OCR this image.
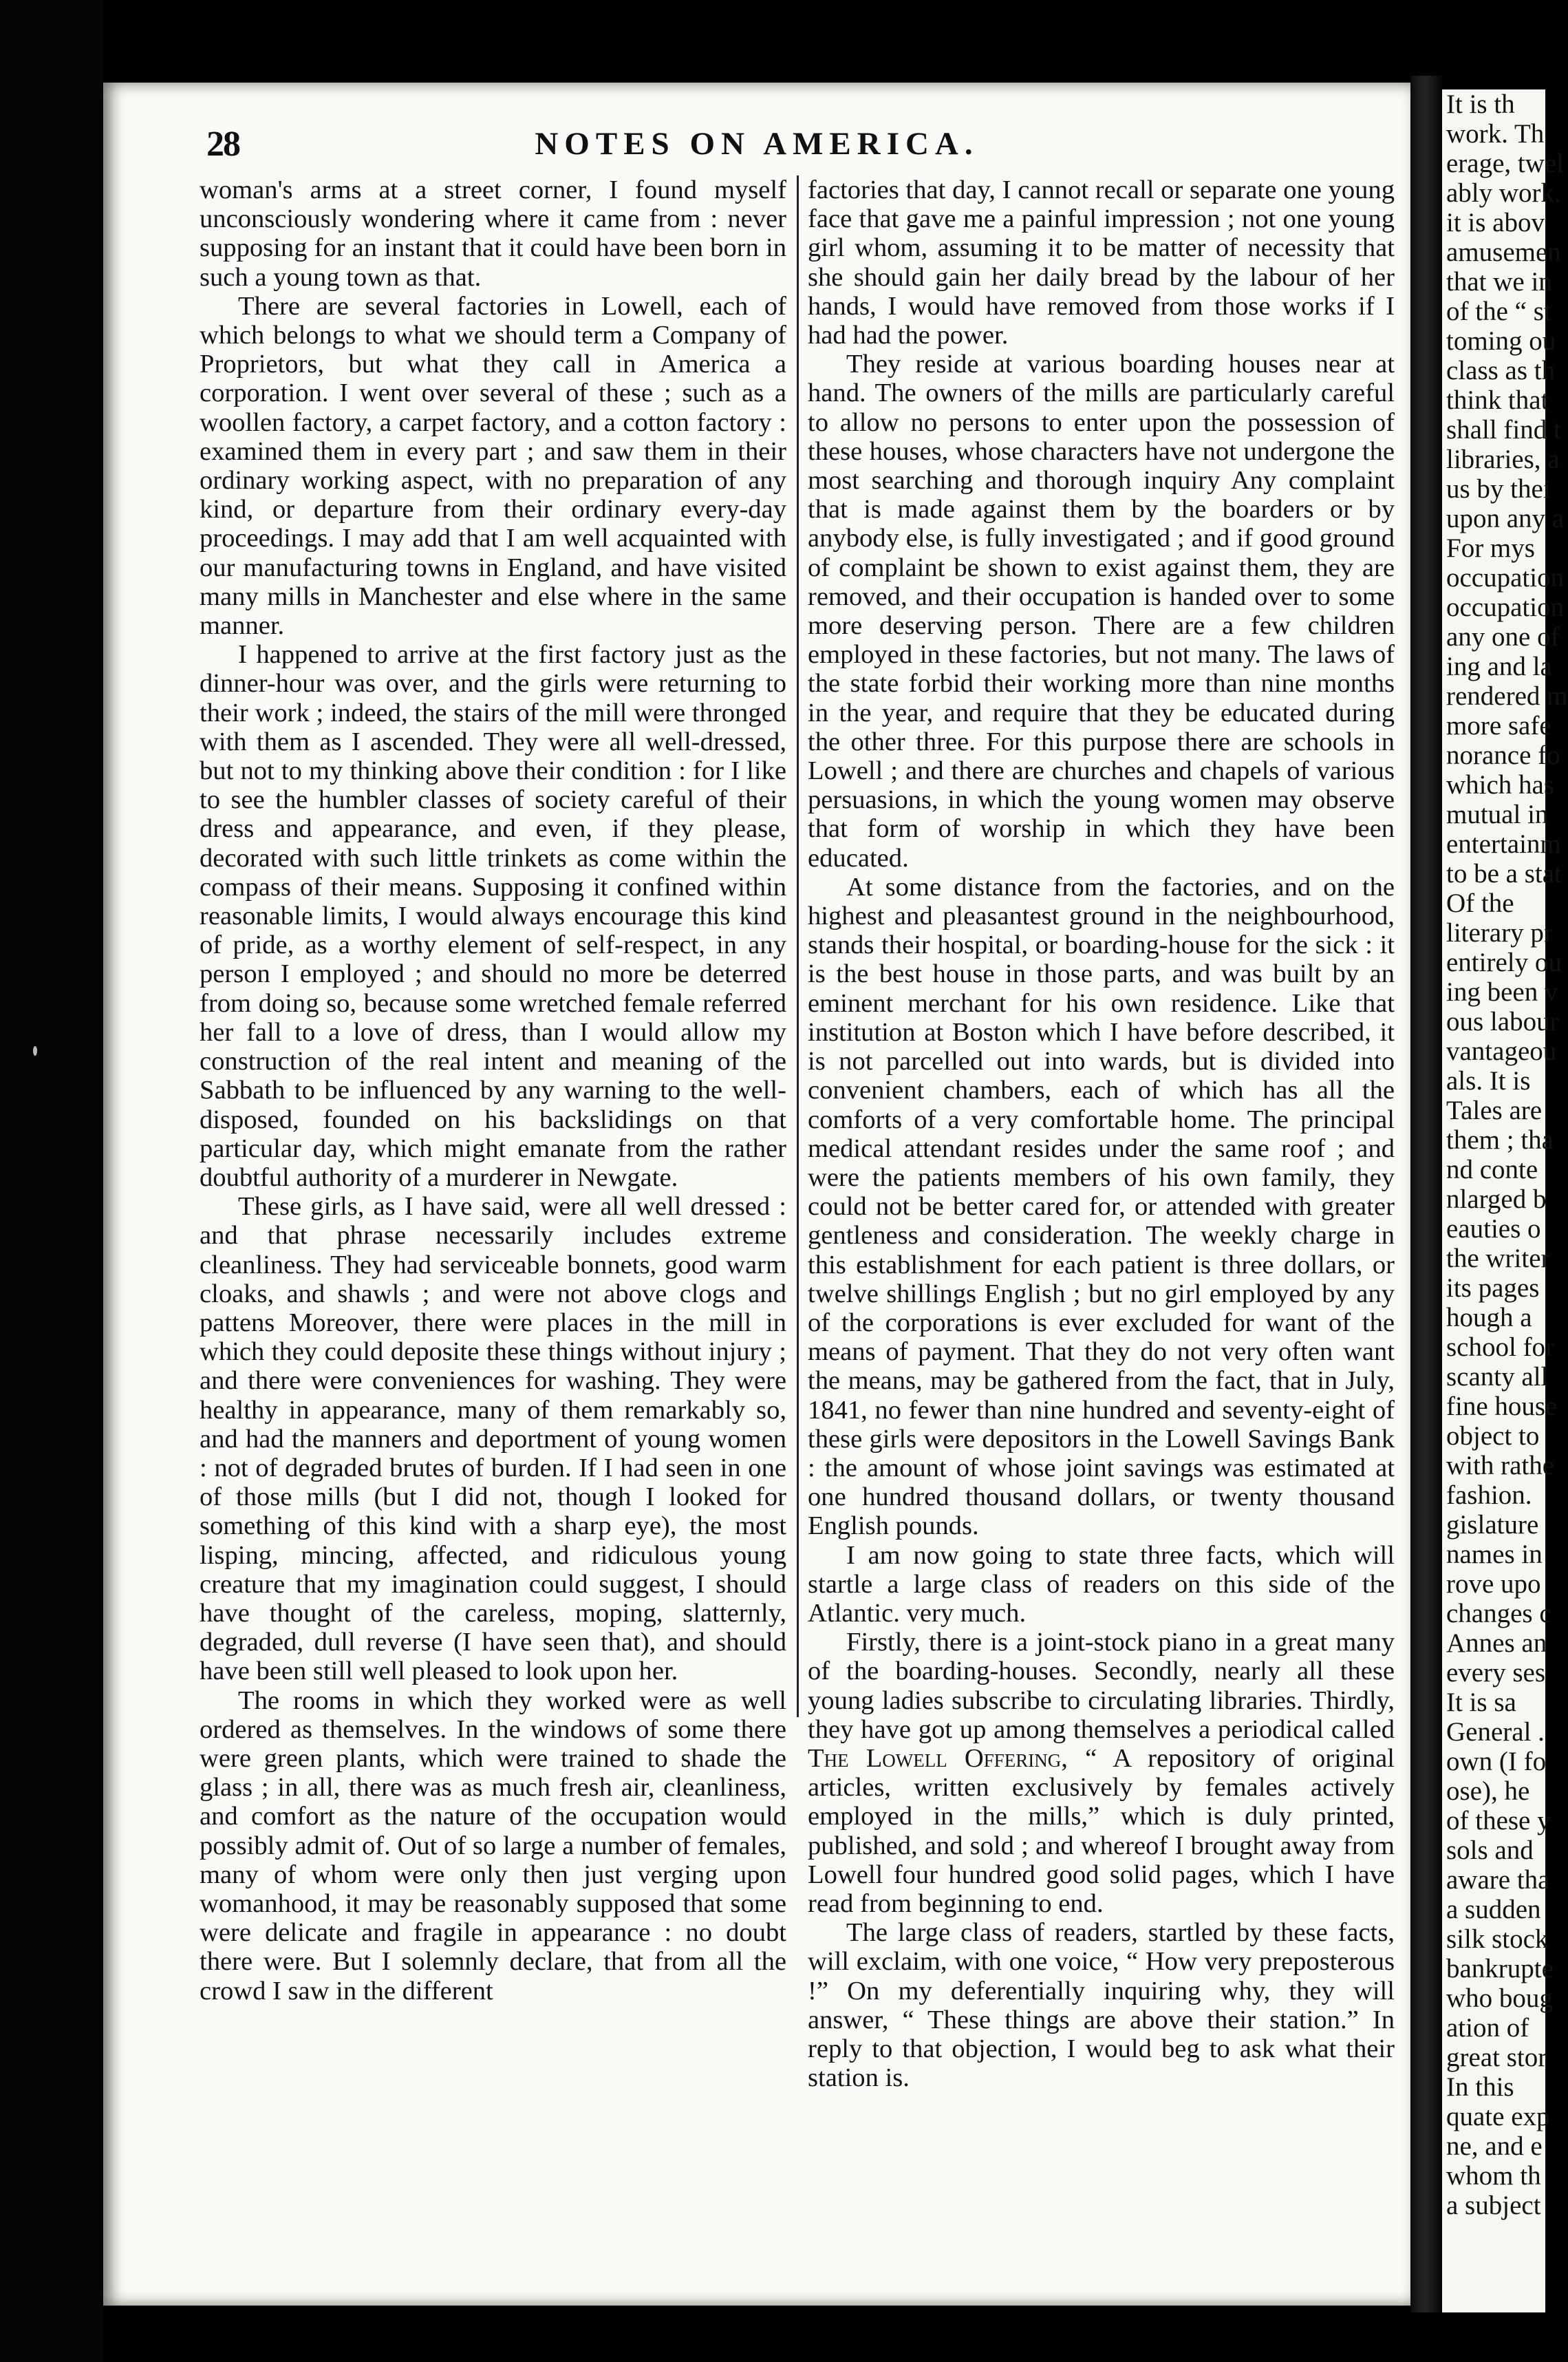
It is th
work. Th
erage, twel
ably work.
it is abov
amusemen
that we in
of the “ st
toming ou
class as th
think that
shall find t
libraries, a
us by thei
upon any a
For mys
occupation
occupation
any one of
ing and la
rendered m
more safe
norance fo
which has
mutual in
entertainm
to be a stat
Of the
literary pr
entirely ou
ing been v
ous labour
vantageou
als. It is
Tales are
them ; tha
nd conte
nlarged b
eauties o
the writer
its pages
hough a
school for
scanty all
fine house
object to
with rathe
fashion.
gislature
names in
rove upo
changes c
Annes an
every ses
It is sa
General .
own (I fo
ose), he
of these y
sols and
aware tha
a sudden
silk stock
bankrupte
who boug
ation of
great stor
In this
quate exp
ne, and e
whom th
a subject
28	NOTES ON AMERICA.

woman's arms at a street corner, I found myself unconsciously wondering where it came from : never supposing for an instant that it could have been born in such a young town as that.

There are several factories in Lowell, each of which belongs to what we should term a Company of Proprietors, but what they call in America a corporation. I went over several of these ; such as a woollen factory, a carpet factory, and a cotton factory : examined them in every part ; and saw them in their ordinary working aspect, with no preparation of any kind, or departure from their ordinary every-day proceedings. I may add that I am well acquainted with our manufacturing towns in England, and have visited many mills in Manchester and else where in the same manner.

I happened to arrive at the first factory just as the dinner-hour was over, and the girls were returning to their work ; indeed, the stairs of the mill were thronged with them as I ascended. They were all well-dressed, but not to my thinking above their condition : for I like to see the humbler classes of society careful of their dress and appearance, and even, if they please, decorated with such little trinkets as come within the compass of their means. Supposing it confined within reasonable limits, I would always encourage this kind of pride, as a worthy element of self-respect, in any person I employed ; and should no more be deterred from doing so, because some wretched female referred her fall to a love of dress, than I would allow my construction of the real intent and meaning of the Sabbath to be influenced by any warning to the well-disposed, founded on his backslidings on that particular day, which might emanate from the rather doubtful authority of a murderer in Newgate.

These girls, as I have said, were all well dressed : and that phrase necessarily includes extreme cleanliness. They had serviceable bonnets, good warm cloaks, and shawls ; and were not above clogs and pattens Moreover, there were places in the mill in which they could deposite these things without injury ; and there were conveniences for washing. They were healthy in appearance, many of them remarkably so, and had the manners and deportment of young women : not of degraded brutes of burden. If I had seen in one of those mills (but I did not, though I looked for something of this kind with a sharp eye), the most lisping, mincing, affected, and ridiculous young creature that my imagination could suggest, I should have thought of the careless, moping, slatternly, degraded, dull reverse (I have seen that), and should have been still well pleased to look upon her.

The rooms in which they worked were as well ordered as themselves. In the windows of some there were green plants, which were trained to shade the glass ; in all, there was as much fresh air, cleanliness, and comfort as the nature of the occupation would possibly admit of. Out of so large a number of females, many of whom were only then just verging upon womanhood, it may be reasonably supposed that some were delicate and fragile in appearance : no doubt there were. But I solemnly declare, that from all the crowd I saw in the different

factories that day, I cannot recall or separate one young face that gave me a painful impression ; not one young girl whom, assuming it to be matter of necessity that she should gain her daily bread by the labour of her hands, I would have removed from those works if I had had the power.

They reside at various boarding houses near at hand. The owners of the mills are particularly careful to allow no persons to enter upon the possession of these houses, whose characters have not undergone the most searching and thorough inquiry Any complaint that is made against them by the boarders or by anybody else, is fully investigated ; and if good ground of complaint be shown to exist against them, they are removed, and their occupation is handed over to some more deserving person. There are a few children employed in these factories, but not many. The laws of the state forbid their working more than nine months in the year, and require that they be educated during the other three. For this purpose there are schools in Lowell ; and there are churches and chapels of various persuasions, in which the young women may observe that form of worship in which they have been educated.

At some distance from the factories, and on the highest and pleasantest ground in the neighbourhood, stands their hospital, or boarding-house for the sick : it is the best house in those parts, and was built by an eminent merchant for his own residence. Like that institution at Boston which I have before described, it is not parcelled out into wards, but is divided into convenient chambers, each of which has all the comforts of a very comfortable home. The principal medical attendant resides under the same roof ; and were the patients members of his own family, they could not be better cared for, or attended with greater gentleness and consideration. The weekly charge in this establishment for each patient is three dollars, or twelve shillings English ; but no girl employed by any of the corporations is ever excluded for want of the means of payment. That they do not very often want the means, may be gathered from the fact, that in July, 1841, no fewer than nine hundred and seventy-eight of these girls were depositors in the Lowell Savings Bank : the amount of whose joint savings was estimated at one hundred thousand dollars, or twenty thousand English pounds.

I am now going to state three facts, which will startle a large class of readers on this side of the Atlantic. very much.

Firstly, there is a joint-stock piano in a great many of the boarding-houses. Secondly, nearly all these young ladies subscribe to circulating libraries. Thirdly, they have got up among themselves a periodical called The Lowell Offering, “ A repository of original articles, written exclusively by females actively employed in the mills,” which is duly printed, published, and sold ; and whereof I brought away from Lowell four hundred good solid pages, which I have read from beginning to end.

The large class of readers, startled by these facts, will exclaim, with one voice, “ How very preposterous !” On my deferentially inquiring why, they will answer, “ These things are above their station.” In reply to that objection, I would beg to ask what their station is.
